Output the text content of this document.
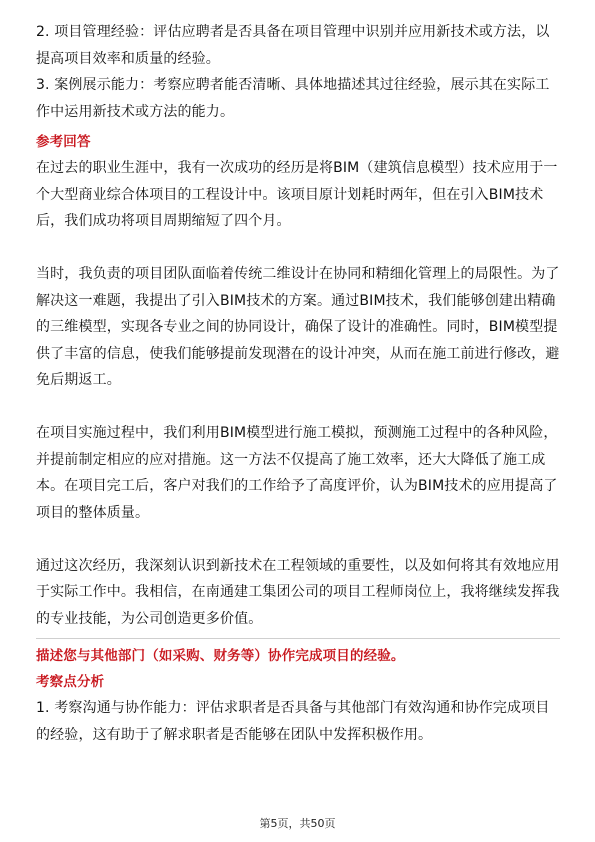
2. 项目管理经验：评估应聘者是否具备在项目管理中识别并应用新技术或方法，以提高项目效率和质量的经验。

3. 案例展示能力：考察应聘者能否清晰、具体地描述其过往经验，展示其在实际工作中运用新技术或方法的能力。

参考回答

在过去的职业生涯中，我有一次成功的经历是将BIM（建筑信息模型）技术应用于一个大型商业综合体项目的工程设计中。该项目原计划耗时两年，但在引入BIM技术后，我们成功将项目周期缩短了四个月。

当时，我负责的项目团队面临着传统二维设计在协同和精细化管理上的局限性。为了解决这一难题，我提出了引入BIM技术的方案。通过BIM技术，我们能够创建出精确的三维模型，实现各专业之间的协同设计，确保了设计的准确性。同时，BIM模型提供了丰富的信息，使我们能够提前发现潜在的设计冲突，从而在施工前进行修改，避免后期返工。

在项目实施过程中，我们利用BIM模型进行施工模拟，预测施工过程中的各种风险，并提前制定相应的应对措施。这一方法不仅提高了施工效率，还大大降低了施工成本。在项目完工后，客户对我们的工作给予了高度评价，认为BIM技术的应用提高了项目的整体质量。

通过这次经历，我深刻认识到新技术在工程领域的重要性，以及如何将其有效地应用于实际工作中。我相信，在南通建工集团公司的项目工程师岗位上，我将继续发挥我的专业技能，为公司创造更多价值。

描述您与其他部门（如采购、财务等）协作完成项目的经验。

考察点分析

1. 考察沟通与协作能力：评估求职者是否具备与其他部门有效沟通和协作完成项目的经验，这有助于了解求职者是否能够在团队中发挥积极作用。

第5页，共50页
